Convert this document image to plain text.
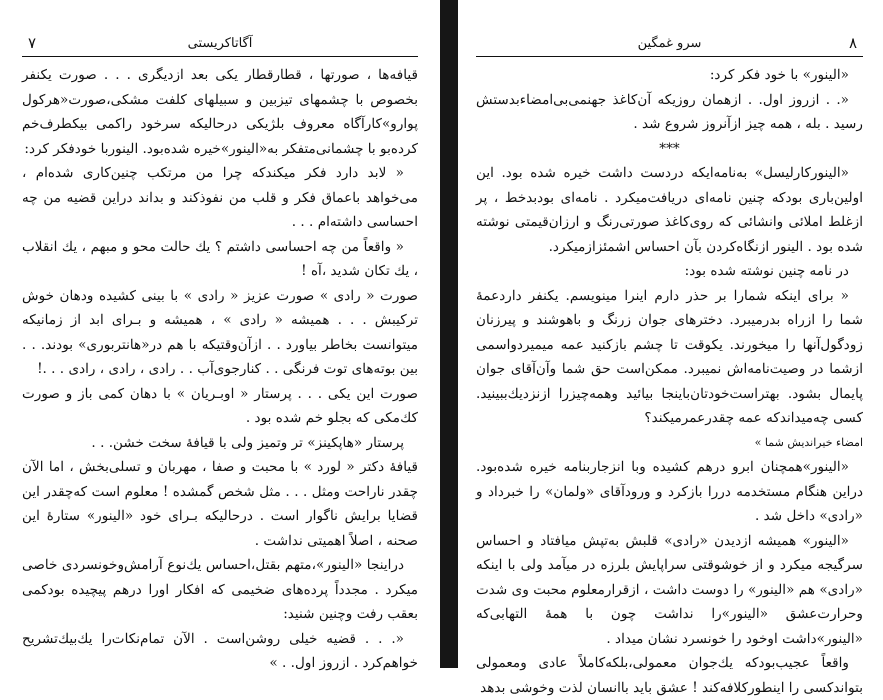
آگاتاکریستی
۷

قیافه‌ها ، صورتها ، قطارقطار یکی بعد ازدیگری . . . صورت یکنفر بخصوص با چشمهای تیزبین و سبیلهای کلفت مشکی،صورت«هرکول پوارو»کارآگاه معروف بلژیکی درحالیکه سرخود راکمی بیکطرف‌خم کرده‌بو با چشمانی‌متفکر به«الینور»خیره شده‌بود. الینوربا خودفکر کرد:

« لابد دارد فکر میکندکه چرا من مرتکب چنین‌کاری شده‌ام ، می‌خواهد باعماق فکر و قلب من نفوذکند و بداند دراین قضیه من چه احساسی داشته‌ام . . .

« واقعاً من چه احساسی داشتم ؟ یك حالت محو و مبهم ، یك انقلاب ، یك تکان شدید ،آه !

صورت « رادی » صورت عزیز « رادی » با بینی کشیده ودهان خوش ترکیبش . . . همیشه « رادی » ، همیشه و بـرای ابد از زمانیکه میتوانست بخاطر بیاورد . . ازآن‌وقتیکه با هم در«هانتربوری» بودند. . . بین بوته‌های توت فرنگی . . کنارجوی‌آب . . رادی ، رادی ، رادی . . .!

صورت این یکی . . . پرستار « اوبـریان » با دهان کمی باز و صورت کك‌مکی که بجلو خم شده بود .

پرستار «هاپکینز» تر وتمیز ولی با قیافهٔ سخت خشن. . .

قیافهٔ دکتر « لورد » با محبت و صفا ، مهربان و تسلی‌بخش ، اما الآن چقدر ناراحت ومثل . . . مثل شخص گمشده ! معلوم است که‌چقدر این قضایا برایش ناگوار است . درحالیکه بـرای خود «الینور» ستارهٔ این صحنه ، اصلاً اهمیتی نداشت .

دراینجا «الینور»،متهم بقتل،احساس یك‌نوع آرامش‌وخونسردی خاصی میکرد . مجدداً پرده‌های ضخیمی که افکار اورا درهم پیچیده بودکمی بعقب رفت وچنین شنید:

«. . . قضیه خیلی روشن‌است . الآن تمام‌نکات‌را یك‌بیك‌تشریح خواهم‌کرد . ازروز اول. . »

سرو غمگین	۸

«الینور» با خود فکر کرد:

«. . ازروز اول. . ازهمان روزیکه آن‌کاغذ جهنمی‌بی‌امضاء‌بدستش رسید . بله ، همه چیز ازآنروز شروع شد .

***

«الینورکارلیسل» به‌نامه‌ایکه دردست داشت خیره شده بود. این اولین‌باری بودکه چنین نامه‌ای دریافت‌میکرد . نامه‌ای بودبدخط ، پر ازغلط املائی وانشائی که روی‌کاغذ صورتی‌رنگ و ارزان‌قیمتی نوشته شده بود . الینور ازنگاه‌کردن بآن احساس اشمئزازمیکرد.

در نامه چنین نوشته شده بود:

« برای اینکه شمارا بر حذر دارم اینرا مینویسم. یکنفر دارد‌عمهٔ شما را ازراه بدرمیبرد. دخترهای جوان زرنگ و باهوشند و پیرزنان زودگول‌آنها را میخورند. یکوقت تا چشم بازکنید عمه میمیرد‌واسمی ازشما در وصیت‌نامه‌اش نمیبرد. ممکن‌است حق شما وآن‌آقای جوان پایمال بشود. بهتر‌است‌خودتان‌باینجا بیائید وهمه‌چیزرا از‌نزدیك‌ببینید. کسی چه‌میداندکه عمه چقدرعمرمیکند؟

امضاء خیراندیش شما »

«الینور»همچنان ابرو درهم کشیده وبا انزجاربنامه خیره شده‌بود. دراین هنگام مستخدمه دررا بازکرد و ورود‌آقای «ولمان» را خبرداد و «رادی» داخل شد .

«الینور» همیشه ازدیدن «رادی» قلبش به‌تپش میافتاد و احساس سرگیجه میکرد و از خوشوقتی سراپایش بلرزه در میآمد ولی با اینکه «رادی» هم «الینور» را دوست داشت ، ازقرارمعلوم محبت وی شدت وحرارت‌عشق «الینور»را نداشت چون با همهٔ التهابی‌که «الینور»داشت اوخود را خونسرد نشان میداد .

واقعاً عجیب‌بودکه یك‌جوان معمولی،بلکه‌کاملاً عادی ومعمولی بتواندکسی را اینطورکلافه‌کند ! عشق باید باانسان لذت وخوشی بدهد
